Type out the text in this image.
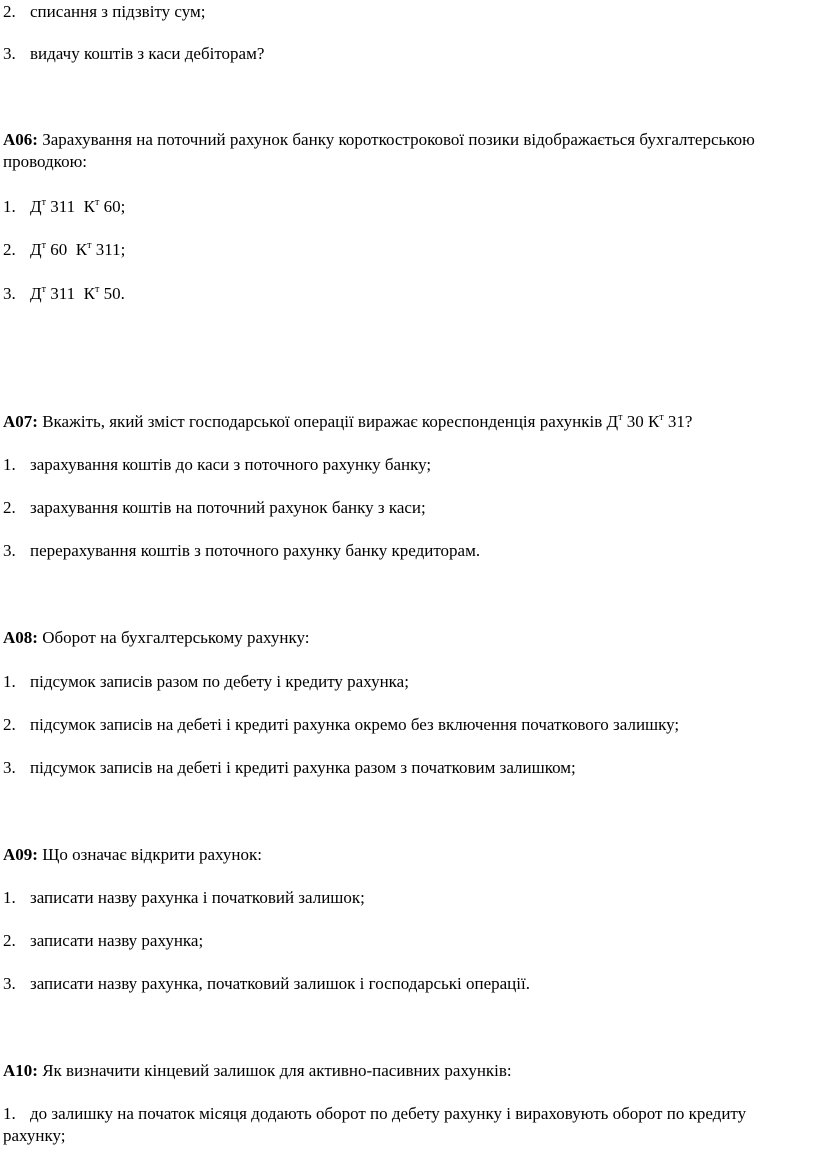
2. списання з підзвіту сум;
3. видачу коштів з каси дебіторам?
А06: Зарахування на поточний рахунок банку короткострокової позики відображається бухгалтерською проводкою:
1. $Д^т$ 311  $К^т$ 60;
2. $Д^т$ 60  $К^т$ 311;
3. $Д^т$ 311  $К^т$ 50.
А07: Вкажіть, який зміст господарської операції виражає кореспонденція рахунків $Д^т$ 30 $К^т$ 31?
1. зарахування коштів до каси з поточного рахунку банку;
2. зарахування коштів на поточний рахунок банку з каси;
3. перерахування коштів з поточного рахунку банку кредиторам.
А08: Оборот на бухгалтерському рахунку:
1. підсумок записів разом по дебету і кредиту рахунка;
2. підсумок записів на дебеті і кредиті рахунка окремо без включення початкового залишку;
3. підсумок записів на дебеті і кредиті рахунка разом з початковим залишком;
А09: Що означає відкрити рахунок:
1. записати назву рахунка і початковий залишок;
2. записати назву рахунка;
3. записати назву рахунка, початковий залишок і господарські операції.
А10: Як визначити кінцевий залишок для активно-пасивних рахунків:
1. до залишку на початок місяця додають оборот по дебету рахунку і вираховують оборот по кредиту рахунку;
